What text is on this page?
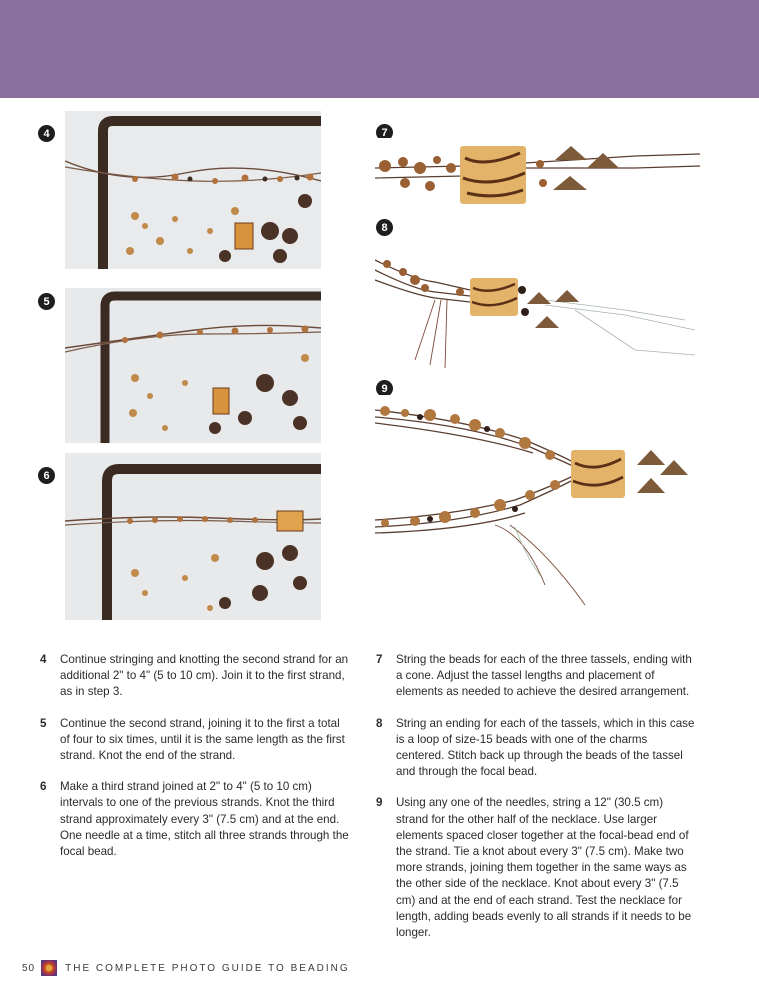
4
5
6
7
8
9
4	Continue stringing and knotting the second strand for an additional 2" to 4" (5 to 10 cm). Join it to the first strand, as in step 3.
5	Continue the second strand, joining it to the first a total of four to six times, until it is the same length as the first strand. Knot the end of the strand.
6	Make a third strand joined at 2" to 4" (5 to 10 cm) intervals to one of the previous strands. Knot the third strand approximately every 3" (7.5 cm) and at the end. One needle at a time, stitch all three strands through the focal bead.
7	String the beads for each of the three tassels, ending with a cone. Adjust the tassel lengths and placement of elements as needed to achieve the desired arrangement.
8	String an ending for each of the tassels, which in this case is a loop of size-15 beads with one of the charms centered. Stitch back up through the beads of the tassel and through the focal bead.
9	Using any one of the needles, string a 12" (30.5 cm) strand for the other half of the necklace. Use larger elements spaced closer together at the focal-bead end of the strand. Tie a knot about every 3" (7.5 cm). Make two more strands, joining them together in the same ways as the other side of the necklace. Knot about every 3" (7.5 cm) and at the end of each strand. Test the necklace for length, adding beads evenly to all strands if it needs to be longer.
50	THE COMPLETE PHOTO GUIDE TO BEADING
